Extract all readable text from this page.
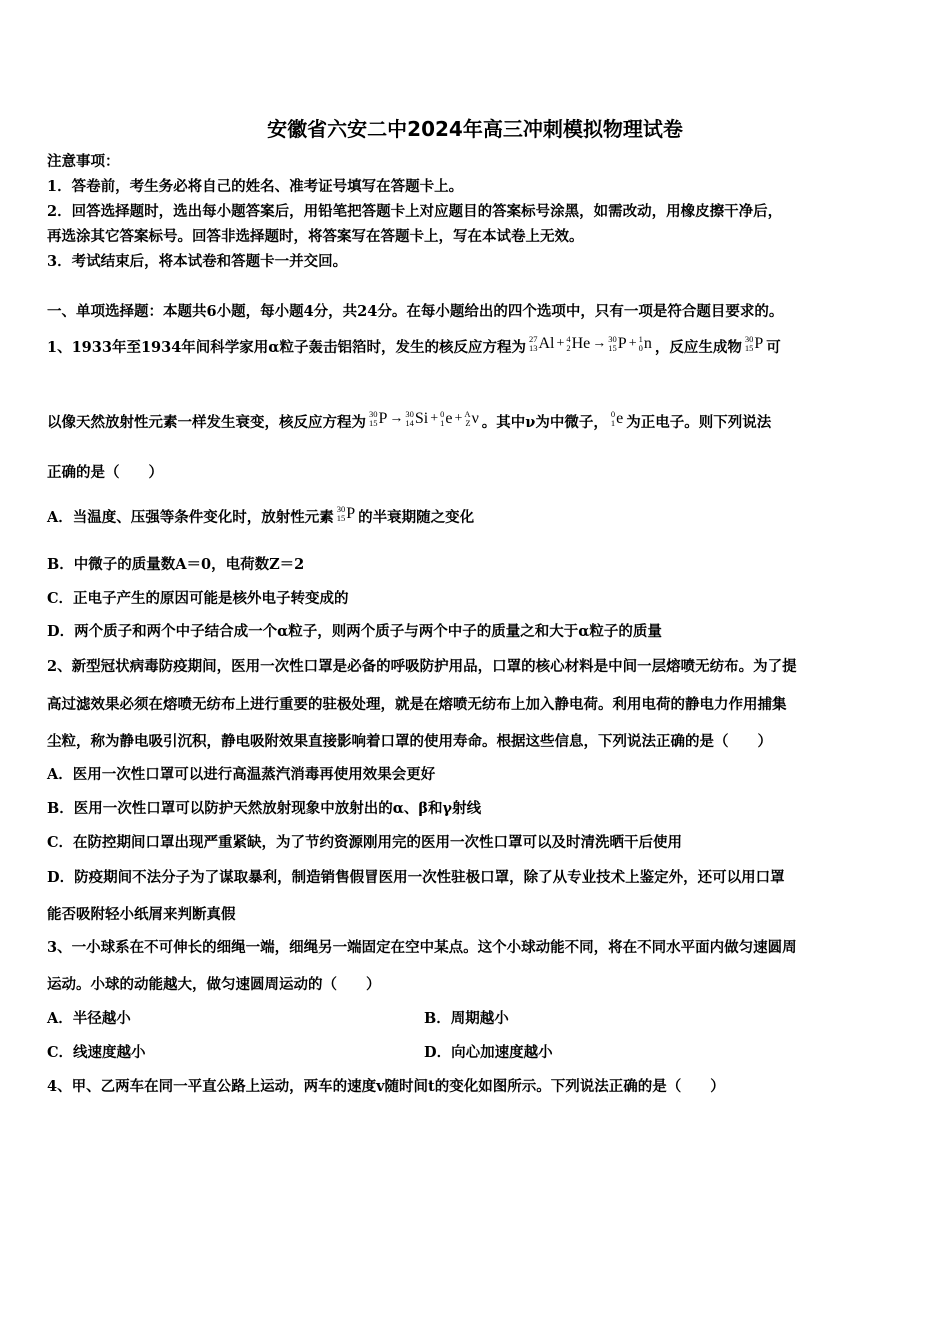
安徽省六安二中2024年高三冲刺模拟物理试卷
注意事项：
1．答卷前，考生务必将自己的姓名、准考证号填写在答题卡上。
2．回答选择题时，选出每小题答案后，用铅笔把答题卡上对应题目的答案标号涂黑，如需改动，用橡皮擦干净后，
再选涂其它答案标号。回答非选择题时，将答案写在答题卡上，写在本试卷上无效。
3．考试结束后，将本试卷和答题卡一并交回。
一、单项选择题：本题共6小题，每小题4分，共24分。在每小题给出的四个选项中，只有一项是符合题目要求的。
1、1933年至1934年间科学家用α粒子轰击铝箔时，发生的核反应方程为 27
13 Al + 4
2 He → 30
15 P + 1
0 n ，反应生成物 30
15 P 可
以像天然放射性元素一样发生衰变，核反应方程为 30
15 P → 30
14 Si + 0
1 e + A
Z ν 。其中ν为中微子， 0
1 e 为正电子。则下列说法
正确的是（　　）
A．当温度、压强等条件变化时，放射性元素 30
15 P 的半衰期随之变化
B．中微子的质量数A＝0，电荷数Z＝2
C．正电子产生的原因可能是核外电子转变成的
D．两个质子和两个中子结合成一个α粒子，则两个质子与两个中子的质量之和大于α粒子的质量
2、新型冠状病毒防疫期间，医用一次性口罩是必备的呼吸防护用品，口罩的核心材料是中间一层熔喷无纺布。为了提
高过滤效果必须在熔喷无纺布上进行重要的驻极处理，就是在熔喷无纺布上加入静电荷。利用电荷的静电力作用捕集
尘粒，称为静电吸引沉积，静电吸附效果直接影响着口罩的使用寿命。根据这些信息，下列说法正确的是（　　）
A．医用一次性口罩可以进行高温蒸汽消毒再使用效果会更好
B．医用一次性口罩可以防护天然放射现象中放射出的α、β和γ射线
C．在防控期间口罩出现严重紧缺，为了节约资源刚用完的医用一次性口罩可以及时清洗晒干后使用
D．防疫期间不法分子为了谋取暴利，制造销售假冒医用一次性驻极口罩，除了从专业技术上鉴定外，还可以用口罩
能否吸附轻小纸屑来判断真假
3、一小球系在不可伸长的细绳一端，细绳另一端固定在空中某点。这个小球动能不同，将在不同水平面内做匀速圆周
运动。小球的动能越大，做匀速圆周运动的（　　）
A．半径越小	B．周期越小
C．线速度越小	D．向心加速度越小
4、甲、乙两车在同一平直公路上运动，两车的速度v随时间t的变化如图所示。下列说法正确的是（　　）
